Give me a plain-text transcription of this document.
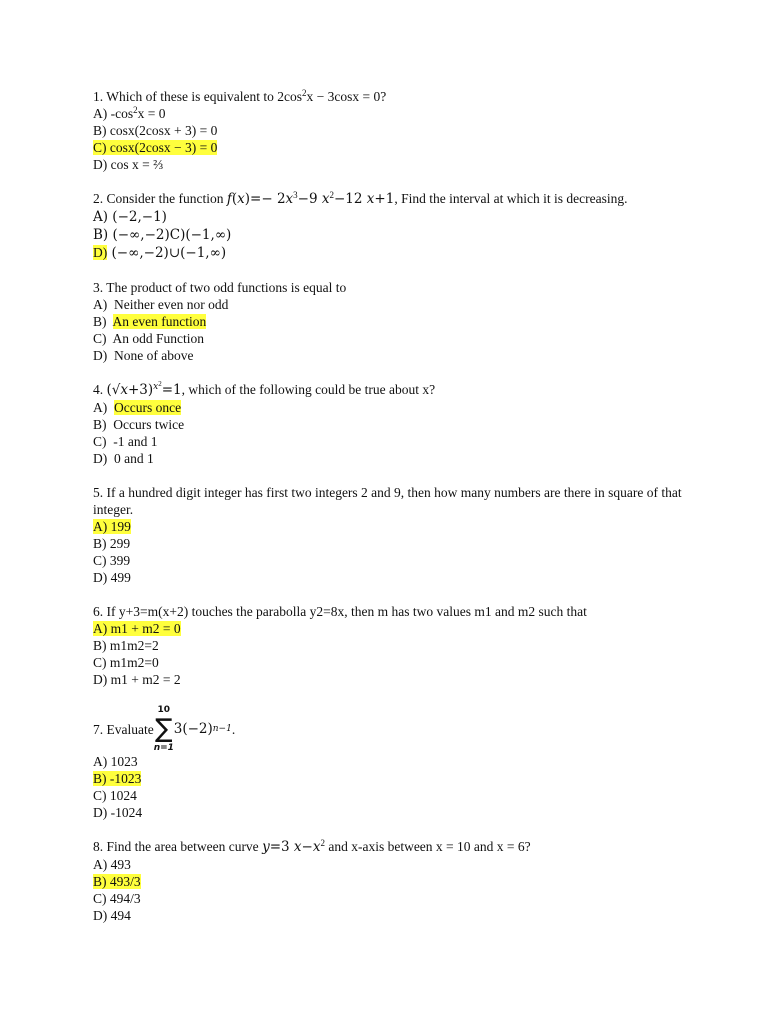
1. Which of these is equivalent to $2\cos^2x - 3\cos x = 0$?
A) $-\cos^2x = 0$
B) cosx(2cosx + 3) = 0
C) cosx(2cosx − 3) = 0
D) cos x = ⅔
2. Consider the function $f(x)=- 2x^3-9$ $x^2-12$ x+1, Find the interval at which it is decreasing.
A) (−2,−1)
B) (−∞,−2)C)(−1,∞)
D) (−∞,−2)∪(−1,∞)
3. The product of two odd functions is equal to
A) Neither even nor odd
B) An even function
C) An odd Function
D) None of above
4. $(√x+3)^{x2}=1$, which of the following could be true about x?
A) Occurs once
B) Occurs twice
C) -1 and 1
D) 0 and 1
5. If a hundred digit integer has first two integers 2 and 9, then how many numbers are there in square of that integer.
A) 199
B) 299
C) 399
D) 499
6. If y+3=m(x+2) touches the parabolla y2=8x, then m has two values m1 and m2 such that
A) m1 + m2 = 0
B) m1m2=2
C) m1m2=0
D) m1 + m2 = 2
7. Evaluate
10
∑
n=1
3(−2) n−1 .
A) 1023
B) -1023
C) 1024
D) -1024
8. Find the area between curve y=3 $x-x^2$ and x-axis between x = 10 and x = 6?
A) 493
B) 493/3
C) 494/3
D) 494
